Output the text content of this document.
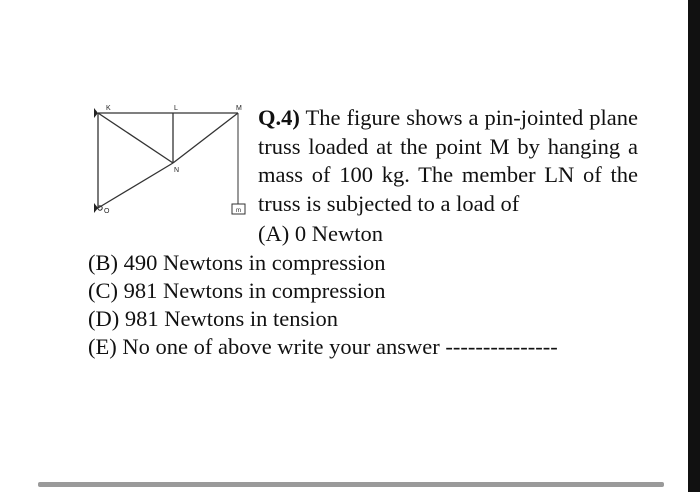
K	L	M
N
O	m
Q.4) The figure shows a pin-jointed plane truss loaded at the point M by hanging a mass of 100 kg. The member LN of the truss is subjected to a load of
(A) 0 Newton
(B) 490 Newtons in compression
(C) 981 Newtons in compression
(D) 981 Newtons in tension
(E) No one of above write your answer ---------------
